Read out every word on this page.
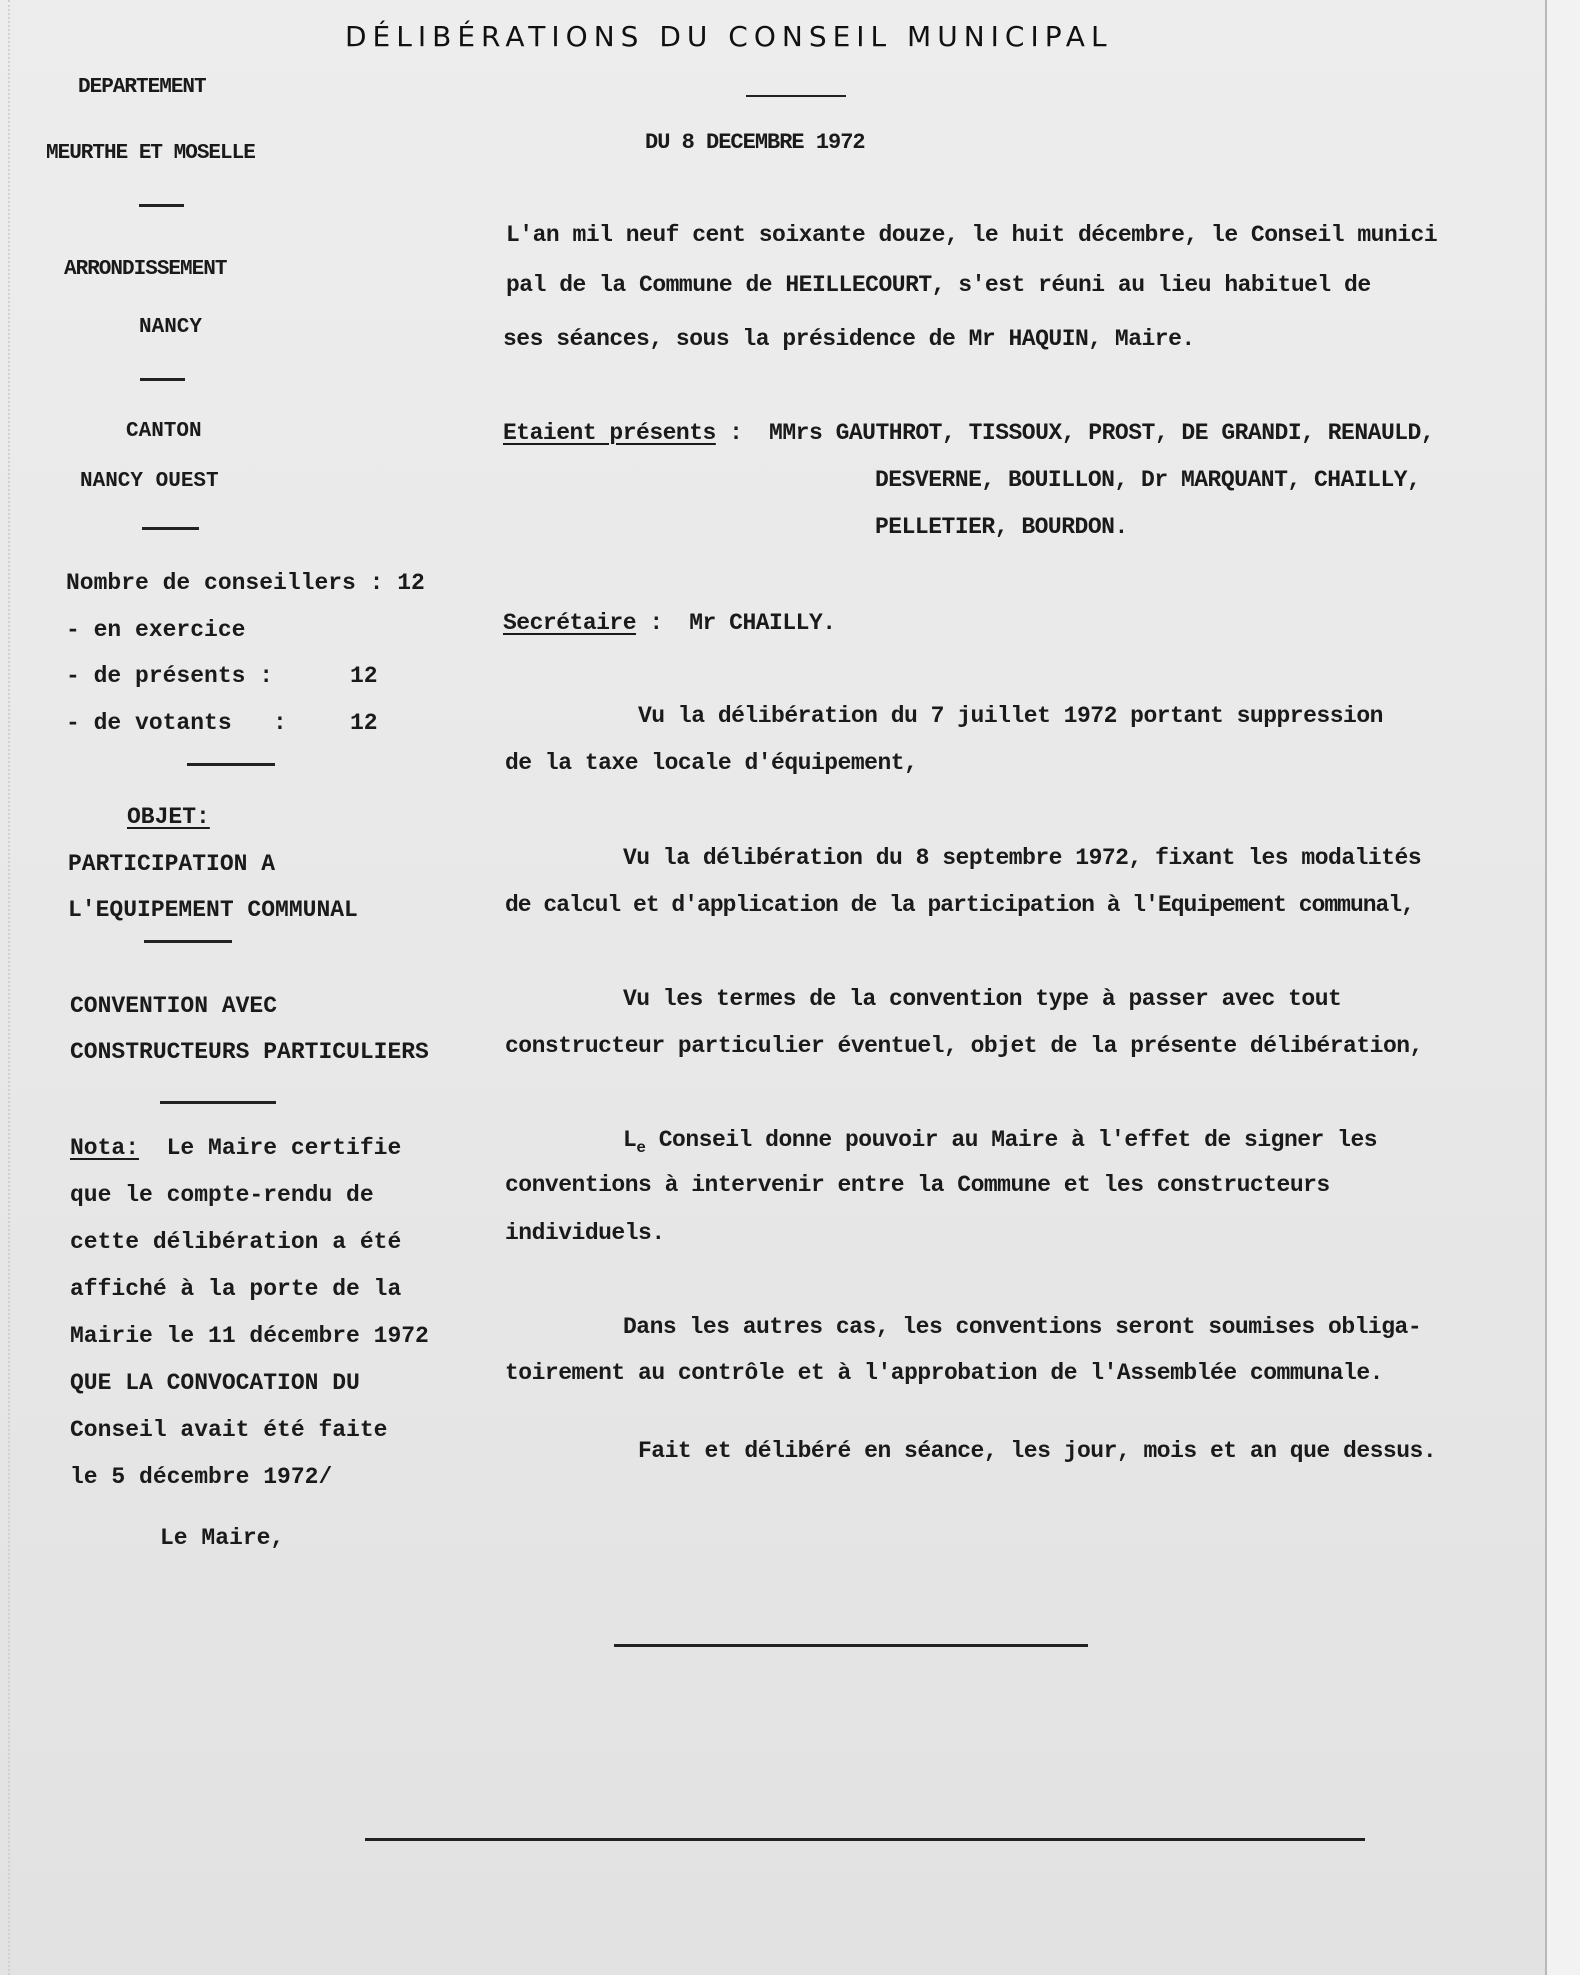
DÉLIBÉRATIONS DU CONSEIL MUNICIPAL
DU 8 DECEMBRE 1972
DEPARTEMENT
MEURTHE ET MOSELLE
ARRONDISSEMENT
NANCY
CANTON
NANCY OUEST
Nombre de conseillers : 12
- en exercice
- de présents :	12
- de votants   :	12
OBJET:
PARTICIPATION A
L'EQUIPEMENT COMMUNAL
CONVENTION AVEC
CONSTRUCTEURS PARTICULIERS
Nota:  Le Maire certifie
que le compte-rendu de
cette délibération a été
affiché à la porte de la
Mairie le 11 décembre 1972
QUE LA CONVOCATION DU
Conseil avait été faite
le 5 décembre 1972/
Le Maire,
L'an mil neuf cent soixante douze, le huit décembre, le Conseil munici
pal de la Commune de HEILLECOURT, s'est réuni au lieu habituel de
ses séances, sous la présidence de Mr HAQUIN, Maire.
Etaient présents :  MMrs GAUTHROT, TISSOUX, PROST, DE GRANDI, RENAULD,
DESVERNE, BOUILLON, Dr MARQUANT, CHAILLY,
PELLETIER, BOURDON.
Secrétaire :  Mr CHAILLY.
Vu la délibération du 7 juillet 1972 portant suppression
de la taxe locale d'équipement,
Vu la délibération du 8 septembre 1972, fixant les modalités
de calcul et d'application de la participation à l'Equipement communal,
Vu les termes de la convention type à passer avec tout
constructeur particulier éventuel, objet de la présente délibération,
$L_e$ Conseil donne pouvoir au Maire à l'effet de signer les
conventions à intervenir entre la Commune et les constructeurs
individuels.
Dans les autres cas, les conventions seront soumises obliga-
toirement au contrôle et à l'approbation de l'Assemblée communale.
Fait et délibéré en séance, les jour, mois et an que dessus.
